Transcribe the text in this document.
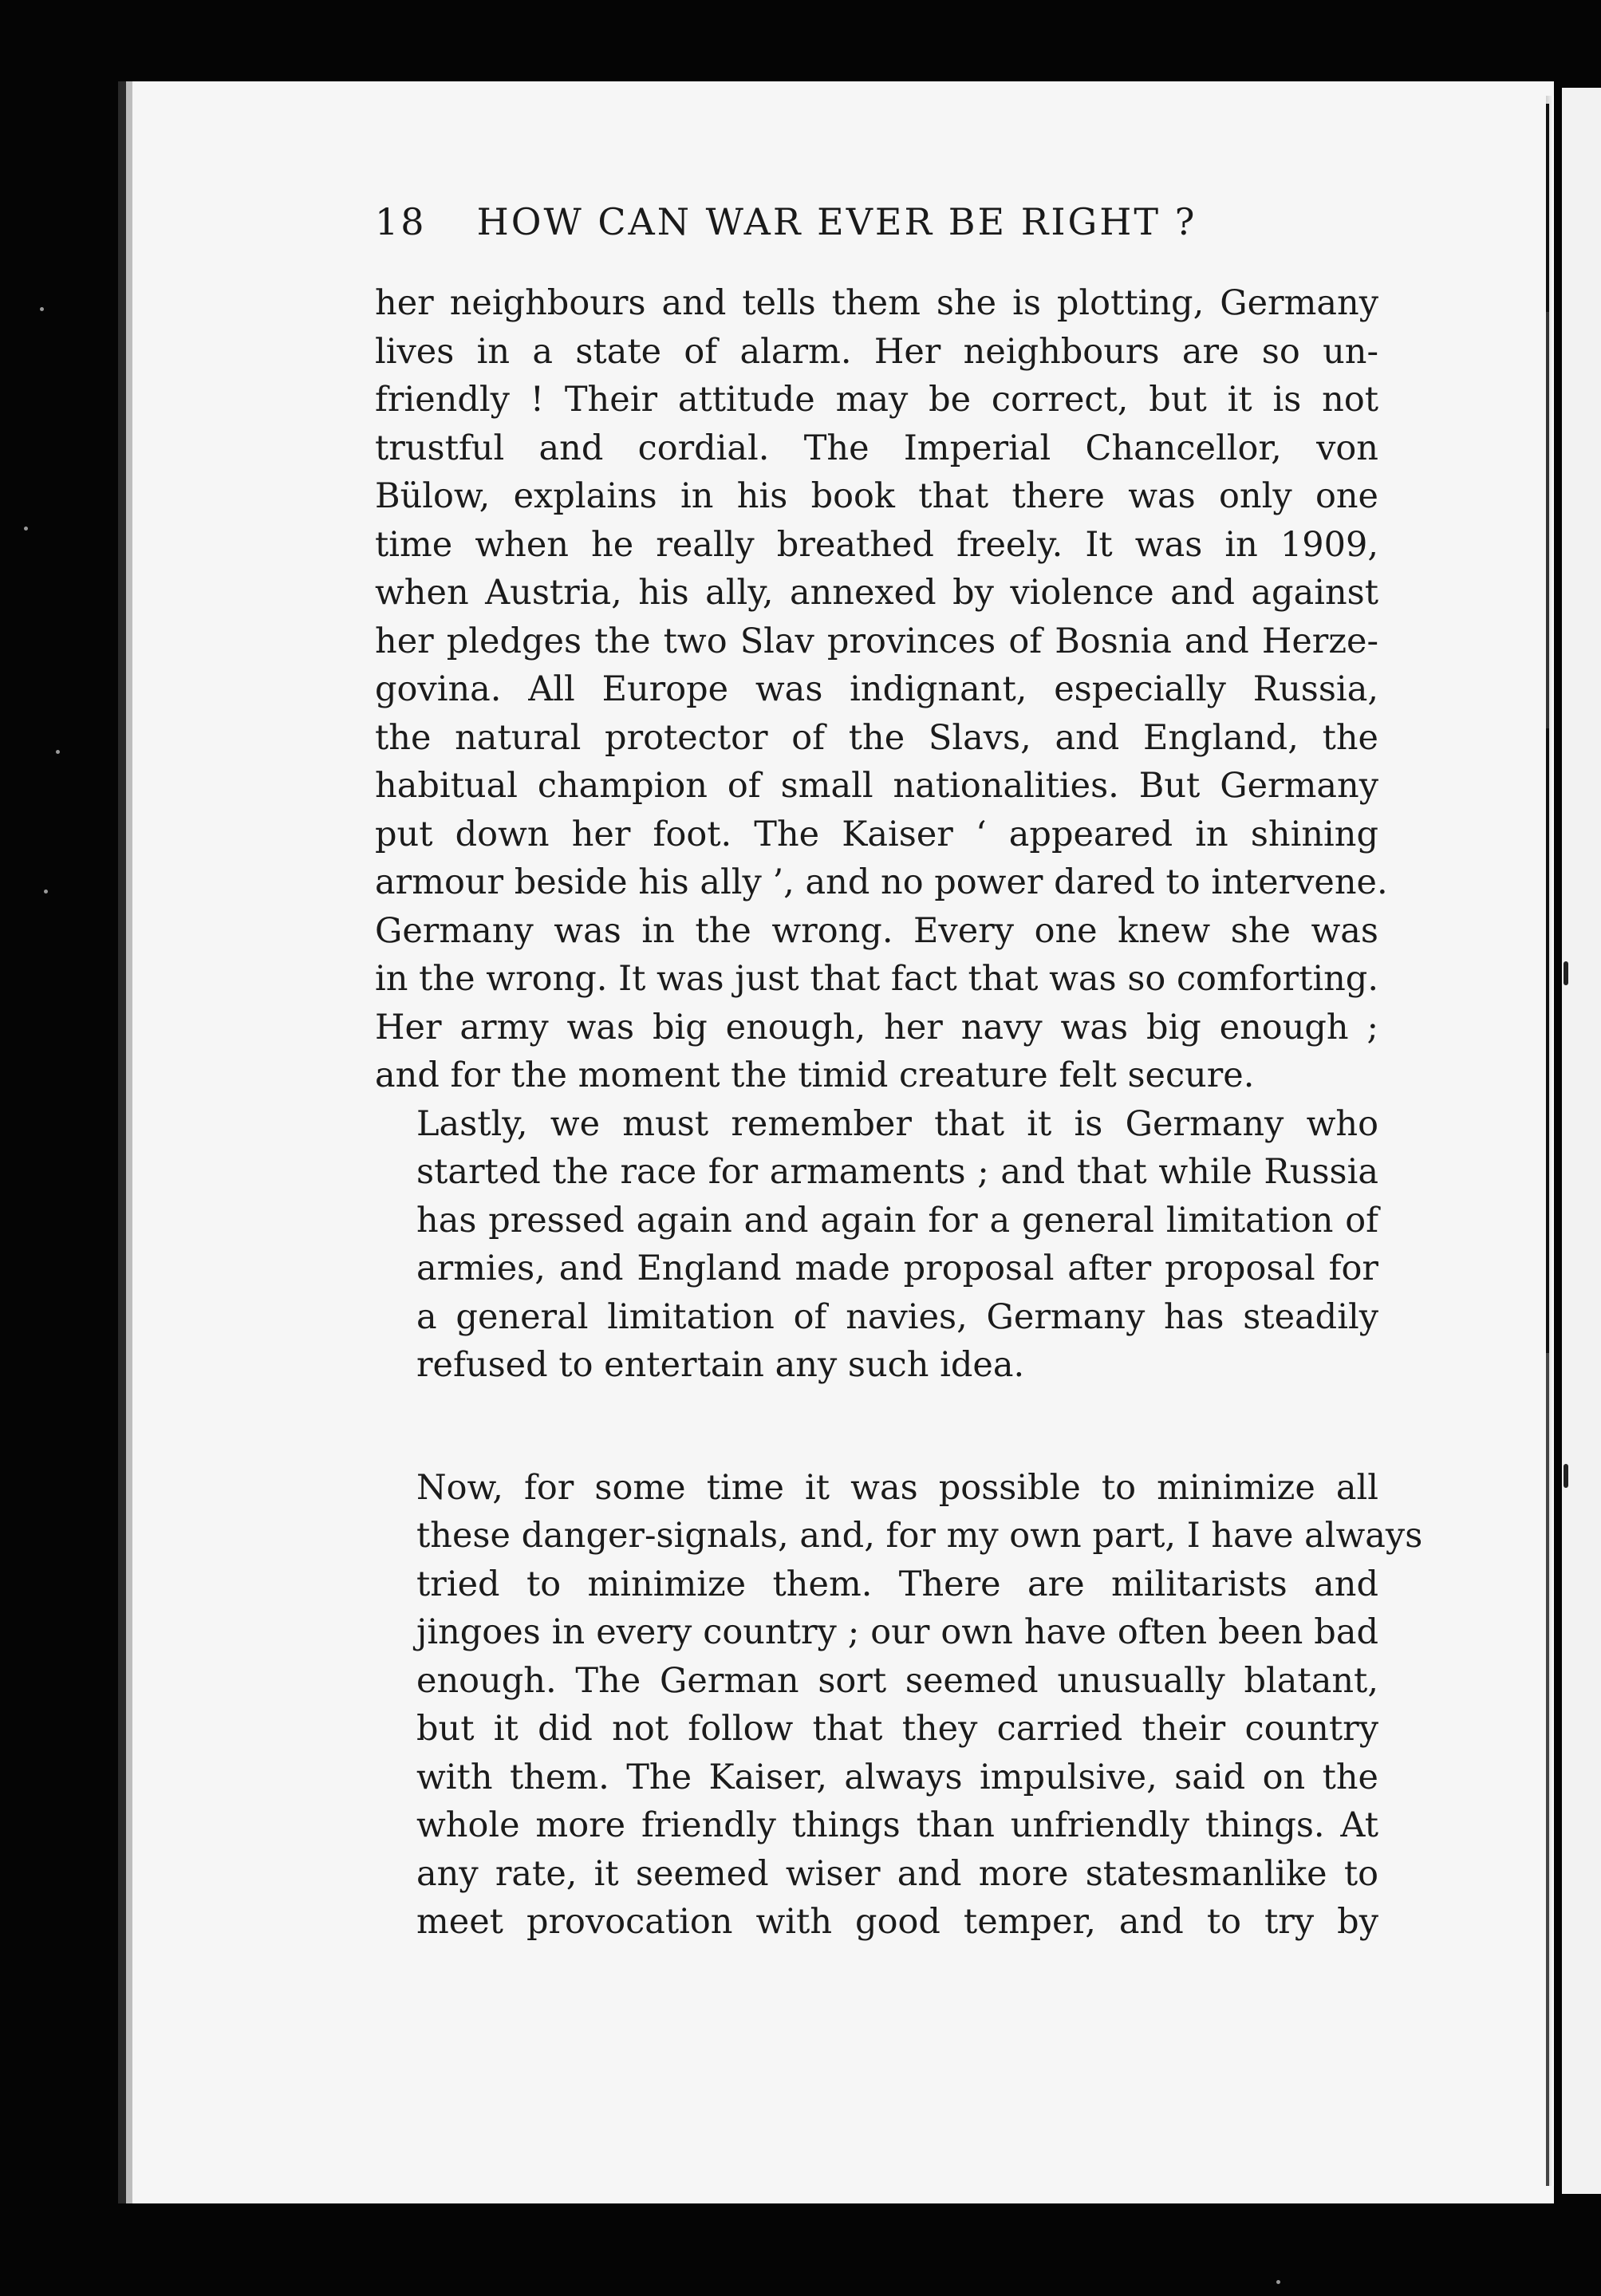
18 HOW CAN WAR EVER BE RIGHT ?

her neighbours and tells them she is plotting, Germany
lives in a state of alarm. Her neighbours are so un-
friendly ! Their attitude may be correct, but it is not
trustful and cordial. The Imperial Chancellor, von
Bülow, explains in his book that there was only one
time when he really breathed freely. It was in 1909,
when Austria, his ally, annexed by violence and against
her pledges the two Slav provinces of Bosnia and Herze-
govina. All Europe was indignant, especially Russia,
the natural protector of the Slavs, and England, the
habitual champion of small nationalities. But Germany
put down her foot. The Kaiser ‘ appeared in shining
armour beside his ally ’, and no power dared to intervene.
Germany was in the wrong. Every one knew she was
in the wrong. It was just that fact that was so comforting.
Her army was big enough, her navy was big enough ;
and for the moment the timid creature felt secure.

Lastly, we must remember that it is Germany who
started the race for armaments ; and that while Russia
has pressed again and again for a general limitation of
armies, and England made proposal after proposal for
a general limitation of navies, Germany has steadily
refused to entertain any such idea.

Now, for some time it was possible to minimize all
these danger-signals, and, for my own part, I have always
tried to minimize them. There are militarists and
jingoes in every country ; our own have often been bad
enough. The German sort seemed unusually blatant,
but it did not follow that they carried their country
with them. The Kaiser, always impulsive, said on the
whole more friendly things than unfriendly things. At
any rate, it seemed wiser and more statesmanlike to
meet provocation with good temper, and to try by
